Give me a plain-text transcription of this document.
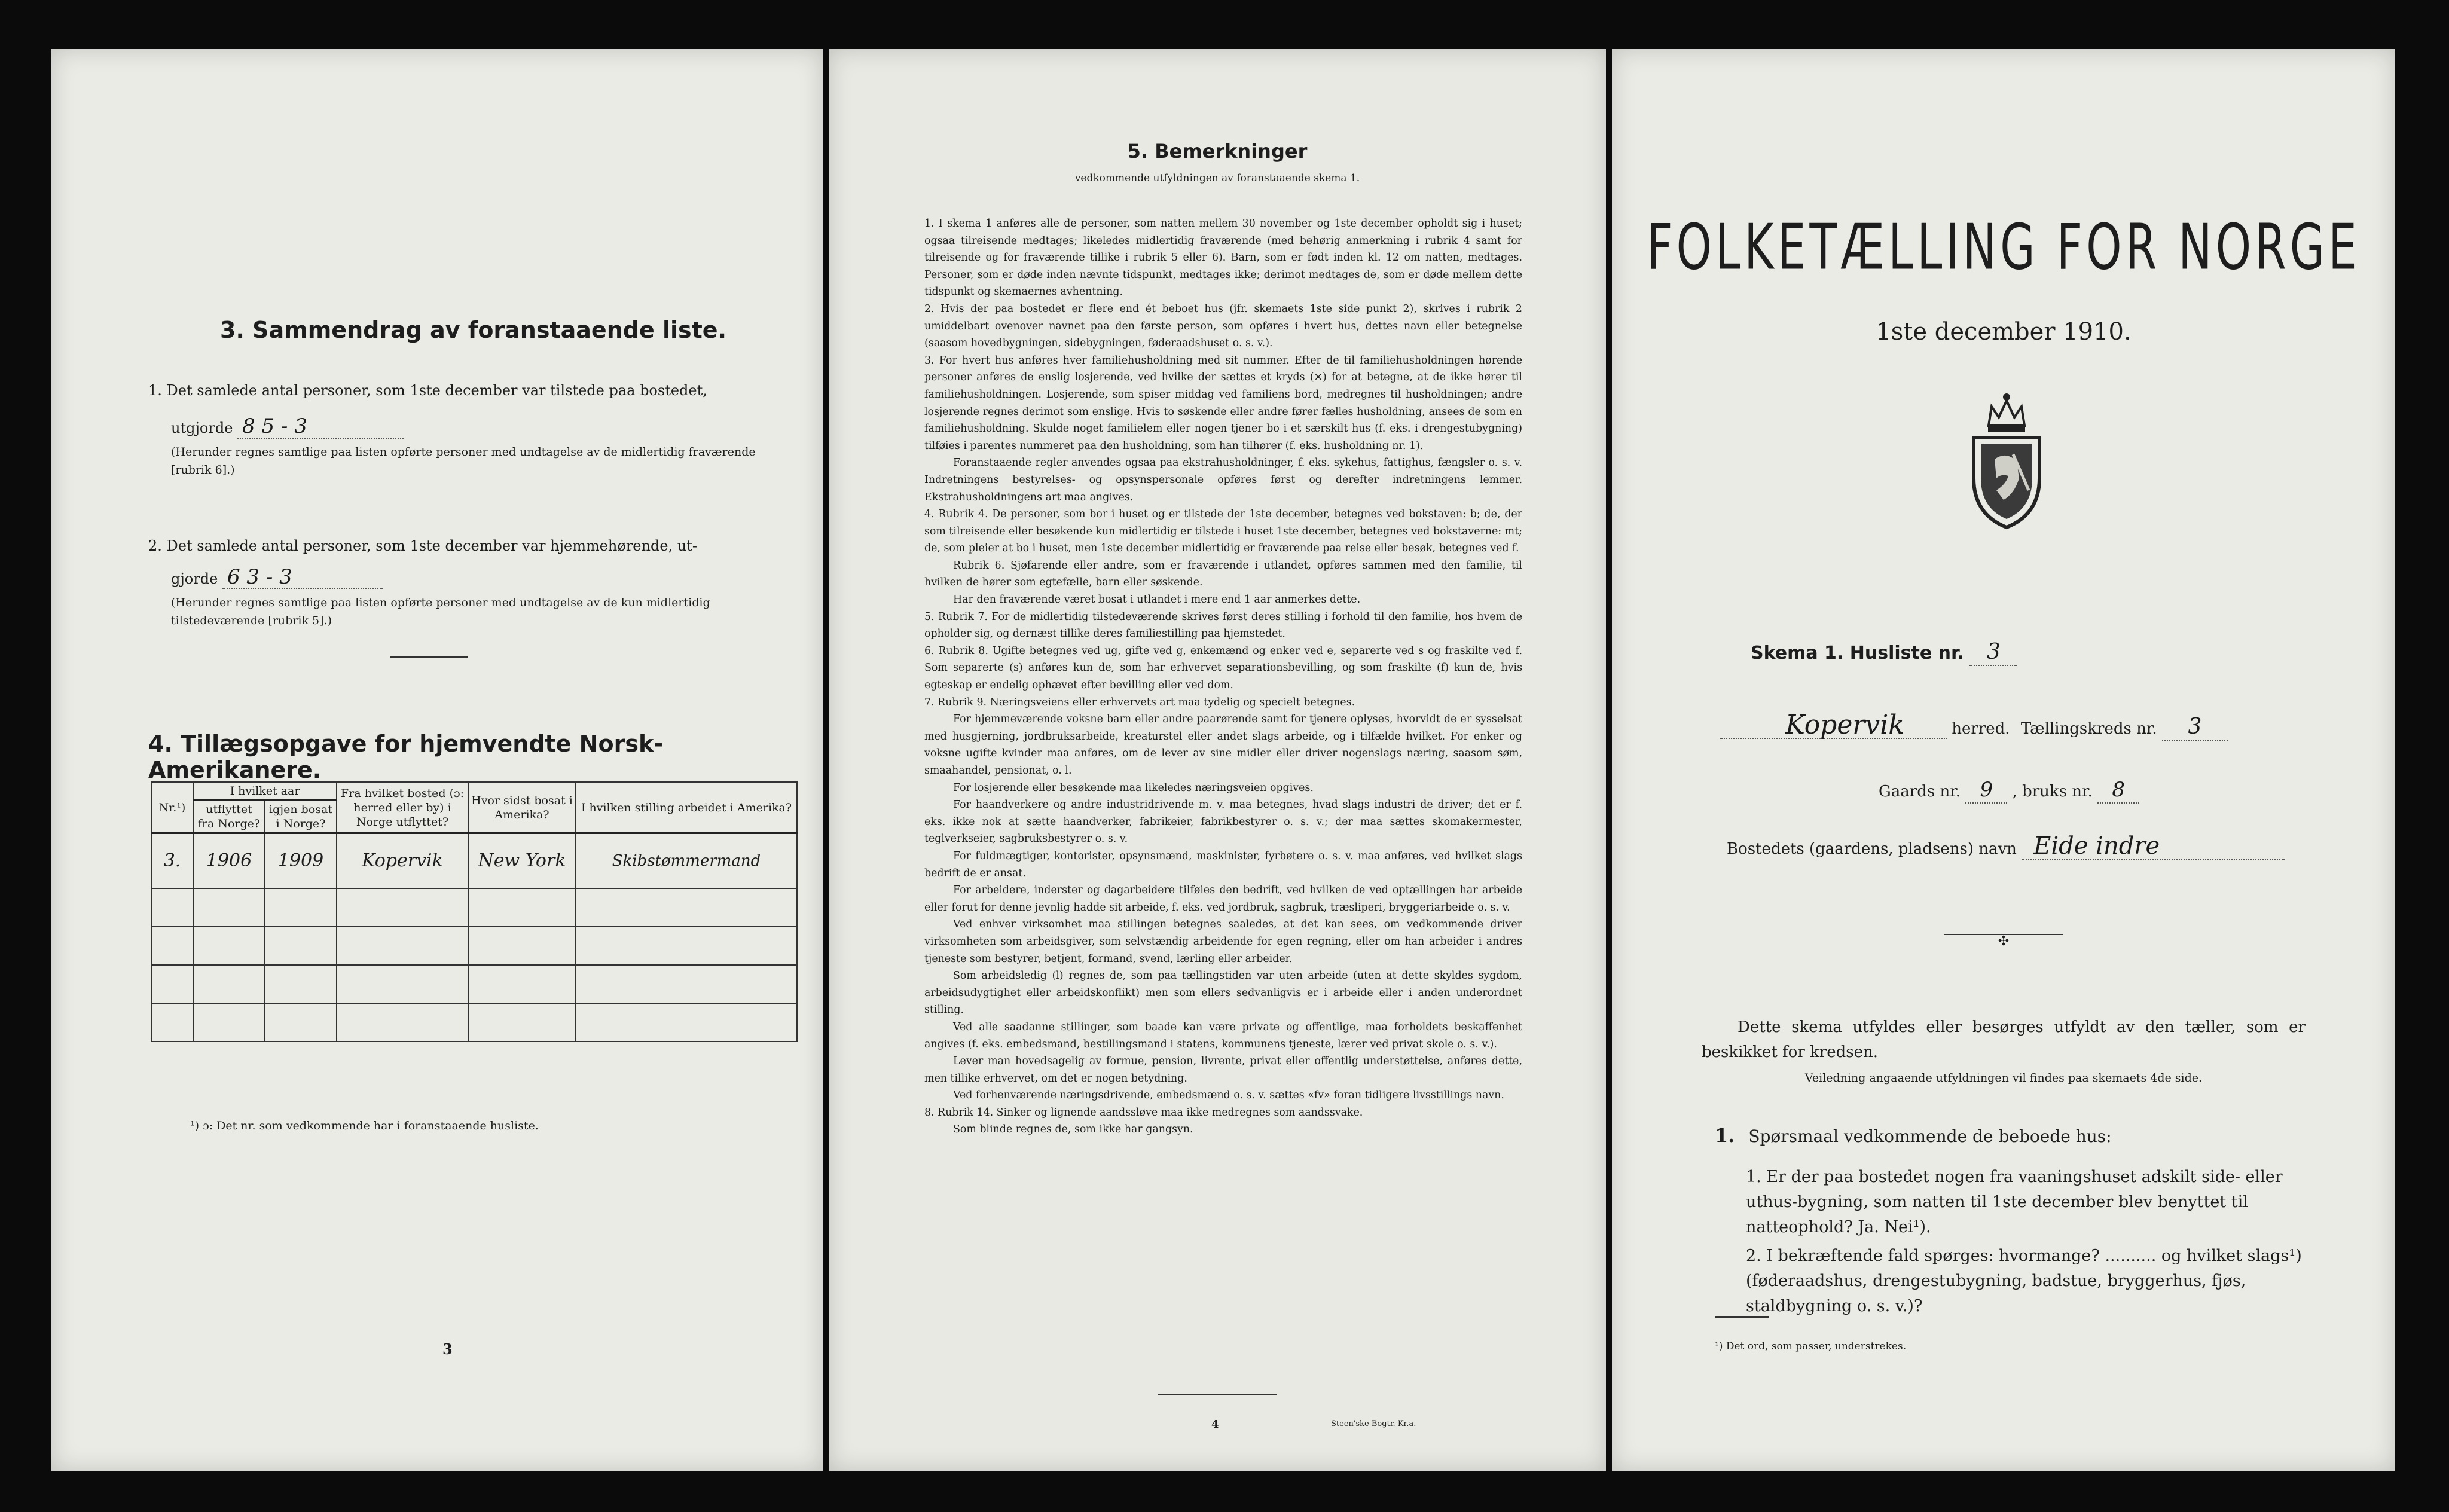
3. Sammendrag av foranstaaende liste.
1. Det samlede antal personer, som 1ste december var tilstede paa bostedet,
utgjorde 8 5 - 3
(Herunder regnes samtlige paa listen opførte personer med undtagelse av de midlertidig fraværende [rubrik 6].)
2. Det samlede antal personer, som 1ste december var hjemmehørende, ut-
gjorde 6 3 - 3
(Herunder regnes samtlige paa listen opførte personer med undtagelse av de kun midlertidig tilstedeværende [rubrik 5].)
4. Tillægsopgave for hjemvendte Norsk-Amerikanere.
Nr.¹)	I hvilket aar		Fra hvilket bosted (ɔ: herred eller by) i Norge utflyttet?	Hvor sidst bosat i Amerika?	I hvilken stilling arbeidet i Amerika?
	utflyttet fra Norge?	igjen bosat i Norge?			
3.	1906	1909	Kopervik	New York	Skibstømmermand

¹) ɔ: Det nr. som vedkommende har i foranstaaende husliste.
3
5. Bemerkninger
vedkommende utfyldningen av foranstaaende skema 1.

1. I skema 1 anføres alle de personer, som natten mellem 30 november og 1ste december opholdt sig i huset; ogsaa tilreisende medtages; likeledes midlertidig fraværende (med behørig anmerkning i rubrik 4 samt for tilreisende og for fraværende tillike i rubrik 5 eller 6). Barn, som er født inden kl. 12 om natten, medtages. Personer, som er døde inden nævnte tidspunkt, medtages ikke; derimot medtages de, som er døde mellem dette tidspunkt og skemaernes avhentning.

2. Hvis der paa bostedet er flere end ét beboet hus (jfr. skemaets 1ste side punkt 2), skrives i rubrik 2 umiddelbart ovenover navnet paa den første person, som opføres i hvert hus, dettes navn eller betegnelse (saasom hovedbygningen, sidebygningen, føderaadshuset o. s. v.).

3. For hvert hus anføres hver familiehusholdning med sit nummer. Efter de til familiehusholdningen hørende personer anføres de enslig losjerende, ved hvilke der sættes et kryds (×) for at betegne, at de ikke hører til familiehusholdningen. Losjerende, som spiser middag ved familiens bord, medregnes til husholdningen; andre losjerende regnes derimot som enslige. Hvis to søskende eller andre fører fælles husholdning, ansees de som en familiehusholdning. Skulde noget familielem eller nogen tjener bo i et særskilt hus (f. eks. i drengestubygning) tilføies i parentes nummeret paa den husholdning, som han tilhører (f. eks. husholdning nr. 1).

Foranstaaende regler anvendes ogsaa paa ekstrahusholdninger, f. eks. sykehus, fattighus, fængsler o. s. v. Indretningens bestyrelses- og opsynspersonale opføres først og derefter indretningens lemmer. Ekstrahusholdningens art maa angives.

4. Rubrik 4. De personer, som bor i huset og er tilstede der 1ste december, betegnes ved bokstaven: b; de, der som tilreisende eller besøkende kun midlertidig er tilstede i huset 1ste december, betegnes ved bokstaverne: mt; de, som pleier at bo i huset, men 1ste december midlertidig er fraværende paa reise eller besøk, betegnes ved f.

Rubrik 6. Sjøfarende eller andre, som er fraværende i utlandet, opføres sammen med den familie, til hvilken de hører som egtefælle, barn eller søskende.

Har den fraværende været bosat i utlandet i mere end 1 aar anmerkes dette.

5. Rubrik 7. For de midlertidig tilstedeværende skrives først deres stilling i forhold til den familie, hos hvem de opholder sig, og dernæst tillike deres familiestilling paa hjemstedet.

6. Rubrik 8. Ugifte betegnes ved ug, gifte ved g, enkemænd og enker ved e, separerte ved s og fraskilte ved f. Som separerte (s) anføres kun de, som har erhvervet separationsbevilling, og som fraskilte (f) kun de, hvis egteskap er endelig ophævet efter bevilling eller ved dom.

7. Rubrik 9. Næringsveiens eller erhvervets art maa tydelig og specielt betegnes.

For hjemmeværende voksne barn eller andre paarørende samt for tjenere oplyses, hvorvidt de er sysselsat med husgjerning, jordbruksarbeide, kreaturstel eller andet slags arbeide, og i tilfælde hvilket. For enker og voksne ugifte kvinder maa anføres, om de lever av sine midler eller driver nogenslags næring, saasom søm, smaahandel, pensionat, o. l.

For losjerende eller besøkende maa likeledes næringsveien opgives.

For haandverkere og andre industridrivende m. v. maa betegnes, hvad slags industri de driver; det er f. eks. ikke nok at sætte haandverker, fabrikeier, fabrikbestyrer o. s. v.; der maa sættes skomakermester, teglverkseier, sagbruksbestyrer o. s. v.

For fuldmægtiger, kontorister, opsynsmænd, maskinister, fyrbøtere o. s. v. maa anføres, ved hvilket slags bedrift de er ansat.

For arbeidere, inderster og dagarbeidere tilføies den bedrift, ved hvilken de ved optællingen har arbeide eller forut for denne jevnlig hadde sit arbeide, f. eks. ved jordbruk, sagbruk, træsliperi, bryggeriarbeide o. s. v.

Ved enhver virksomhet maa stillingen betegnes saaledes, at det kan sees, om vedkommende driver virksomheten som arbeidsgiver, som selvstændig arbeidende for egen regning, eller om han arbeider i andres tjeneste som bestyrer, betjent, formand, svend, lærling eller arbeider.

Som arbeidsledig (l) regnes de, som paa tællingstiden var uten arbeide (uten at dette skyldes sygdom, arbeidsudygtighet eller arbeidskonflikt) men som ellers sedvanligvis er i arbeide eller i anden underordnet stilling.

Ved alle saadanne stillinger, som baade kan være private og offentlige, maa forholdets beskaffenhet angives (f. eks. embedsmand, bestillingsmand i statens, kommunens tjeneste, lærer ved privat skole o. s. v.).

Lever man hovedsagelig av formue, pension, livrente, privat eller offentlig understøttelse, anføres dette, men tillike erhvervet, om det er nogen betydning.

Ved forhenværende næringsdrivende, embedsmænd o. s. v. sættes «fv» foran tidligere livsstillings navn.

8. Rubrik 14. Sinker og lignende aandssløve maa ikke medregnes som aandssvake.

Som blinde regnes de, som ikke har gangsyn.

4	Steen'ske Bogtr. Kr.a.
FOLKETÆLLING FOR NORGE
1ste december 1910.
Skema 1. Husliste nr. 3
Kopervik	herred. Tællingskreds nr. 3
Gaards nr. 9 , bruks nr. 8
Bostedets (gaardens, pladsens) navn Eide indre
✣
Dette skema utfyldes eller besørges utfyldt av den tæller, som er beskikket for kredsen.
Veiledning angaaende utfyldningen vil findes paa skemaets 4de side.
1. Spørsmaal vedkommende de beboede hus:
1. Er der paa bostedet nogen fra vaaningshuset adskilt side- eller uthus-bygning, som natten til 1ste december blev benyttet til natteophold? Ja. Nei¹).
2. I bekræftende fald spørges: hvormange? .......... og hvilket slags¹) (føderaadshus, drengestubygning, badstue, bryggerhus, fjøs, staldbygning o. s. v.)?
¹) Det ord, som passer, understrekes.
